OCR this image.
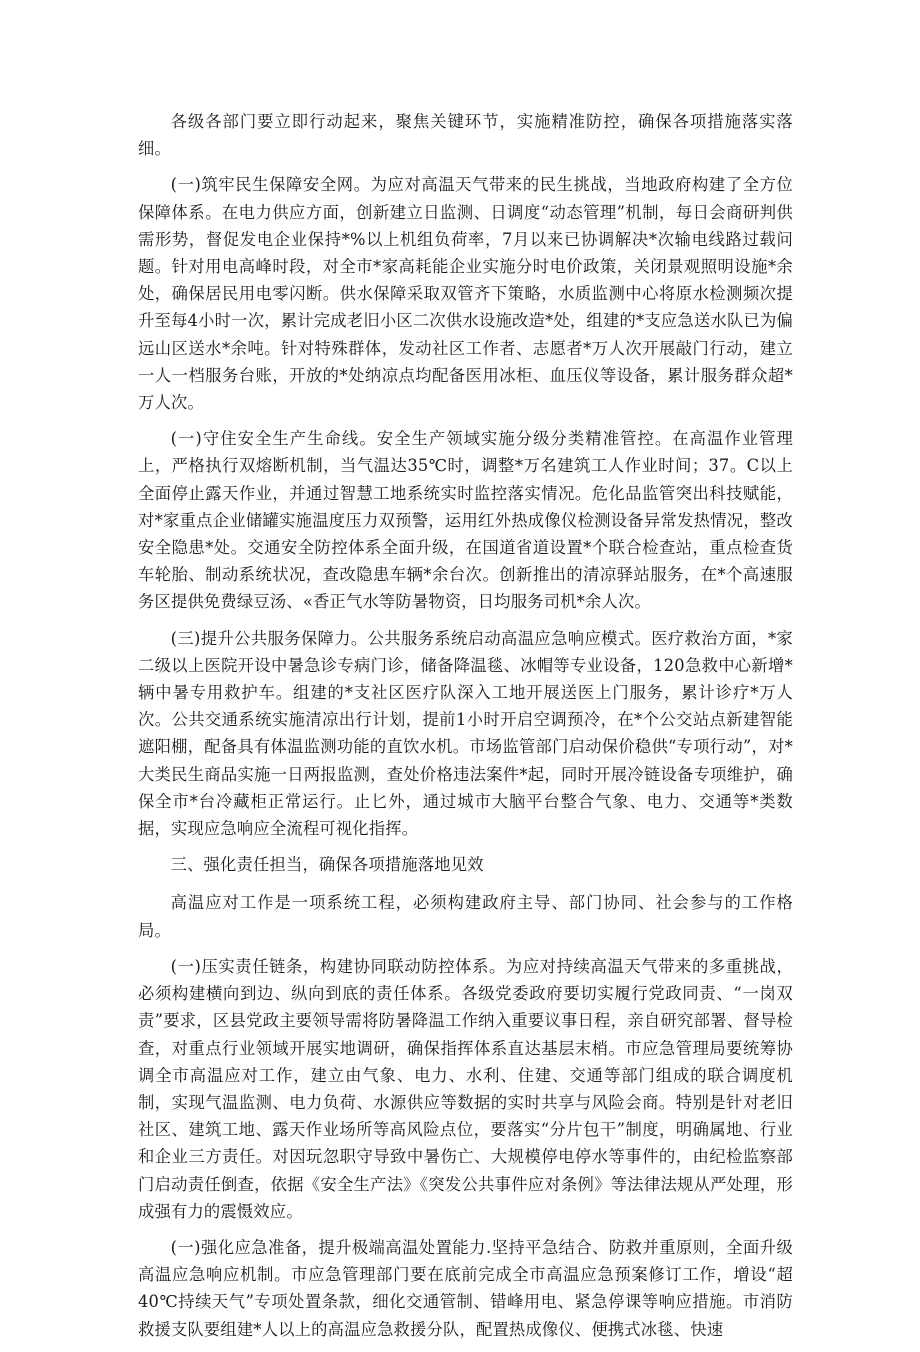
各级各部门要立即行动起来，聚焦关键环节，实施精准防控，确保各项措施落实落细。

(一)筑牢民生保障安全网。为应对高温天气带来的民生挑战，当地政府构建了全方位保障体系。在电力供应方面，创新建立日监测、日调度“动态管理”机制，每日会商研判供需形势，督促发电企业保持*%以上机组负荷率，7月以来已协调解决*次输电线路过载问题。针对用电高峰时段，对全市*家高耗能企业实施分时电价政策，关闭景观照明设施*余处，确保居民用电零闪断。供水保障采取双管齐下策略，水质监测中心将原水检测频次提升至每4小时一次，累计完成老旧小区二次供水设施改造*处，组建的*支应急送水队已为偏远山区送水*余吨。针对特殊群体，发动社区工作者、志愿者*万人次开展敲门行动，建立一人一档服务台账，开放的*处纳凉点均配备医用冰柜、血压仪等设备，累计服务群众超*万人次。

(一)守住安全生产生命线。安全生产领域实施分级分类精准管控。在高温作业管理上，严格执行双熔断机制，当气温达35℃时，调整*万名建筑工人作业时间；37。C以上全面停止露天作业，并通过智慧工地系统实时监控落实情况。危化品监管突出科技赋能，对*家重点企业储罐实施温度压力双预警，运用红外热成像仪检测设备异常发热情况，整改安全隐患*处。交通安全防控体系全面升级，在国道省道设置*个联合检查站，重点检查货车轮胎、制动系统状况，查改隐患车辆*余台次。创新推出的清凉驿站服务，在*个高速服务区提供免费绿豆汤、«香正气水等防暑物资，日均服务司机*余人次。

(三)提升公共服务保障力。公共服务系统启动高温应急响应模式。医疗救治方面，*家二级以上医院开设中暑急诊专病门诊，储备降温毯、冰帽等专业设备，120急救中心新增*辆中暑专用救护车。组建的*支社区医疗队深入工地开展送医上门服务，累计诊疗*万人次。公共交通系统实施清凉出行计划，提前1小时开启空调预冷，在*个公交站点新建智能遮阳棚，配备具有体温监测功能的直饮水机。市场监管部门启动保价稳供“专项行动”，对*大类民生商品实施一日两报监测，查处价格违法案件*起，同时开展冷链设备专项维护，确保全市*台冷藏柜正常运行。止匕外，通过城市大脑平台整合气象、电力、交通等*类数据，实现应急响应全流程可视化指挥。

三、强化责任担当，确保各项措施落地见效

高温应对工作是一项系统工程，必须构建政府主导、部门协同、社会参与的工作格局。

(一)压实责任链条，构建协同联动防控体系。为应对持续高温天气带来的多重挑战，必须构建横向到边、纵向到底的责任体系。各级党委政府要切实履行党政同责、“一岗双责”要求，区县党政主要领导需将防暑降温工作纳入重要议事日程，亲自研究部署、督导检查，对重点行业领域开展实地调研，确保指挥体系直达基层末梢。市应急管理局要统筹协调全市高温应对工作，建立由气象、电力、水利、住建、交通等部门组成的联合调度机制，实现气温监测、电力负荷、水源供应等数据的实时共享与风险会商。特别是针对老旧社区、建筑工地、露天作业场所等高风险点位，要落实“分片包干”制度，明确属地、行业和企业三方责任。对因玩忽职守导致中暑伤亡、大规模停电停水等事件的，由纪检监察部门启动责任倒查，依据《安全生产法》《突发公共事件应对条例》等法律法规从严处理，形成强有力的震慑效应。

(一)强化应急准备，提升极端高温处置能力.坚持平急结合、防救并重原则，全面升级高温应急响应机制。市应急管理部门要在底前完成全市高温应急预案修订工作，增设“超40℃持续天气”专项处置条款，细化交通管制、错峰用电、紧急停课等响应措施。市消防救援支队要组建*人以上的高温应急救援分队，配置热成像仪、便携式冰毯、快速
